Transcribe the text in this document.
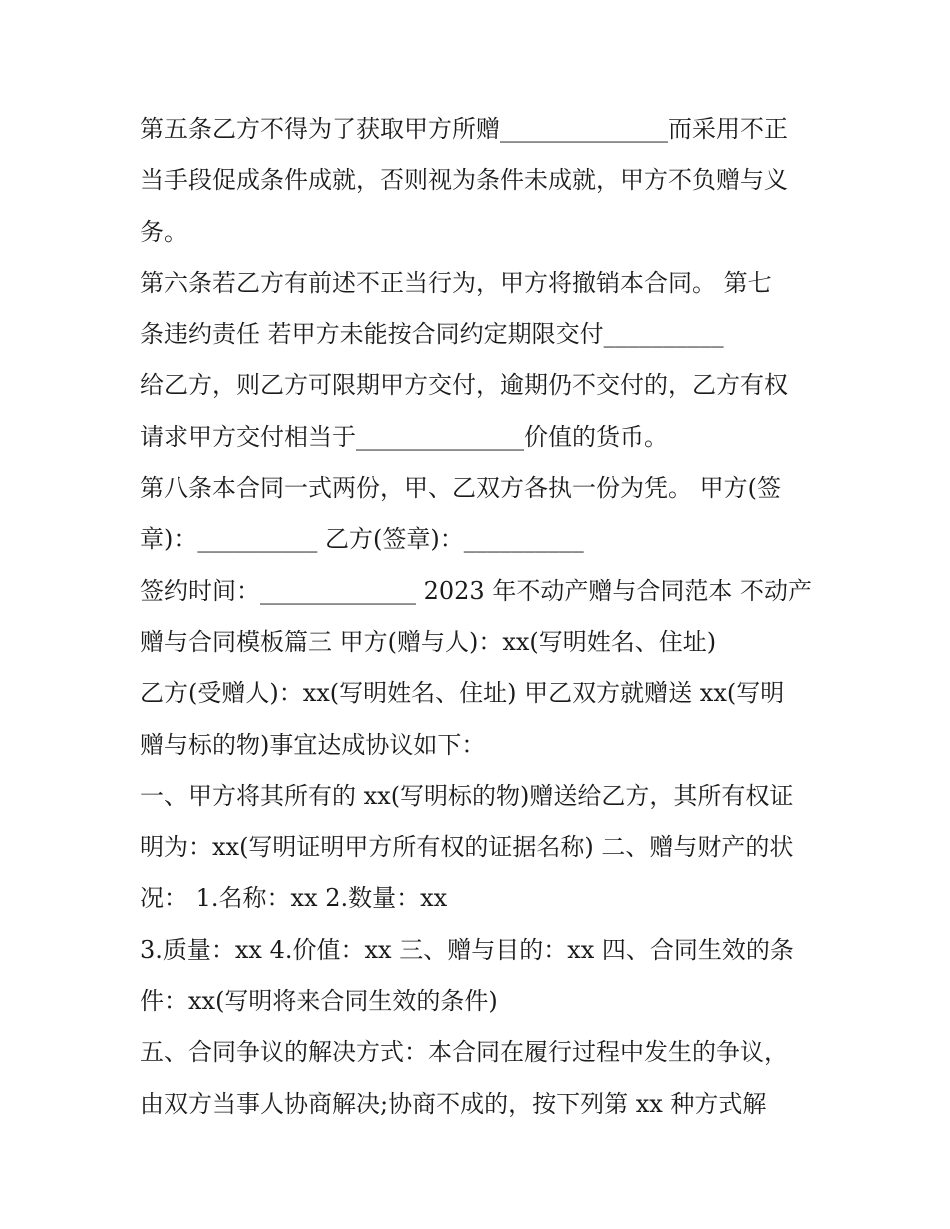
第五条乙方不得为了获取甲方所赠______________而采用不正
当手段促成条件成就，否则视为条件未成就，甲方不负赠与义
务。
第六条若乙方有前述不正当行为，甲方将撤销本合同。 第七
条违约责任 若甲方未能按合同约定期限交付__________
给乙方，则乙方可限期甲方交付，逾期仍不交付的，乙方有权
请求甲方交付相当于______________价值的货币。
第八条本合同一式两份，甲、乙双方各执一份为凭。 甲方(签
章)：__________ 乙方(签章)：__________
签约时间：_____________ 2023 年不动产赠与合同范本 不动产
赠与合同模板篇三 甲方(赠与人)：xx(写明姓名、住址)
乙方(受赠人)：xx(写明姓名、住址) 甲乙双方就赠送 xx(写明
赠与标的物)事宜达成协议如下：
一、甲方将其所有的 xx(写明标的物)赠送给乙方，其所有权证
明为：xx(写明证明甲方所有权的证据名称) 二、赠与财产的状
况： 1.名称：xx 2.数量：xx
3.质量：xx 4.价值：xx 三、赠与目的：xx 四、合同生效的条
件：xx(写明将来合同生效的条件)
五、合同争议的解决方式：本合同在履行过程中发生的争议，
由双方当事人协商解决;协商不成的，按下列第 xx 种方式解
